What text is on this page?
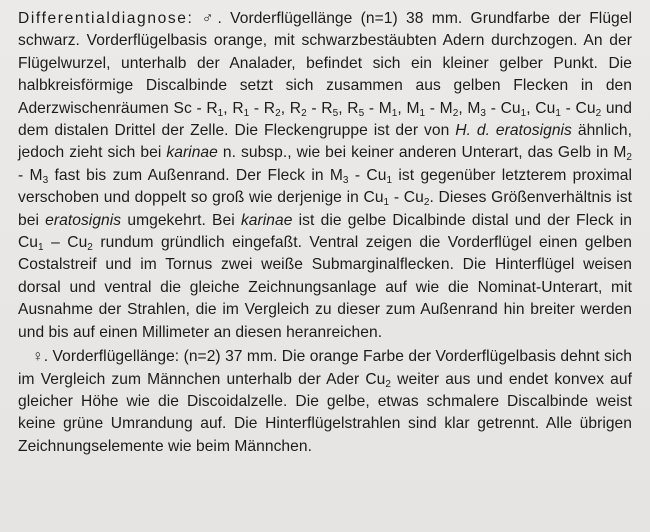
Differentialdiagnose: ♂. Vorderflügellänge (n=1) 38 mm. Grundfarbe der Flügel schwarz. Vorderflügelbasis orange, mit schwarzbestäubten Adern durchzogen. An der Flügelwurzel, unterhalb der Analader, befindet sich ein kleiner gelber Punkt. Die halbkreisförmige Discalbinde setzt sich zusammen aus gelben Flecken in den Aderzwischenräumen Sc - $R_1$, $R_1 - R_2$, $R_2 - R_5$, $R_5 - M_1$, $M_1 - M_2$, $M_3 - Cu_1$, $Cu_1 - Cu_2$ und dem distalen Drittel der Zelle. Die Fleckengruppe ist der von H. d. eratosignis ähnlich, jedoch zieht sich bei karinae n. subsp., wie bei keiner anderen Unterart, das Gelb in $M_2 - M_3$ fast bis zum Außenrand. Der Fleck in $M_3 - Cu_1$ ist gegenüber letzterem proximal verschoben und doppelt so groß wie derjenige in $Cu_1 - Cu_2$. Dieses Größenverhältnis ist bei eratosignis umgekehrt. Bei karinae ist die gelbe Dicalbinde distal und der Fleck in $Cu_1 - Cu_2$ rundum gründlich eingefaßt. Ventral zeigen die Vorderflügel einen gelben Costalstreif und im Tornus zwei weiße Submarginalflecken. Die Hinterflügel weisen dorsal und ventral die gleiche Zeichnungsanlage auf wie die Nominat-Unterart, mit Ausnahme der Strahlen, die im Vergleich zu dieser zum Außenrand hin breiter werden und bis auf einen Millimeter an diesen heranreichen.

♀. Vorderflügellänge: (n=2) 37 mm. Die orange Farbe der Vorderflügelbasis dehnt sich im Vergleich zum Männchen unterhalb der Ader $Cu_2$ weiter aus und endet konvex auf gleicher Höhe wie die Discoidalzelle. Die gelbe, etwas schmalere Discalbinde weist keine grüne Umrandung auf. Die Hinterflügelstrahlen sind klar getrennt. Alle übrigen Zeichnungselemente wie beim Männchen.
